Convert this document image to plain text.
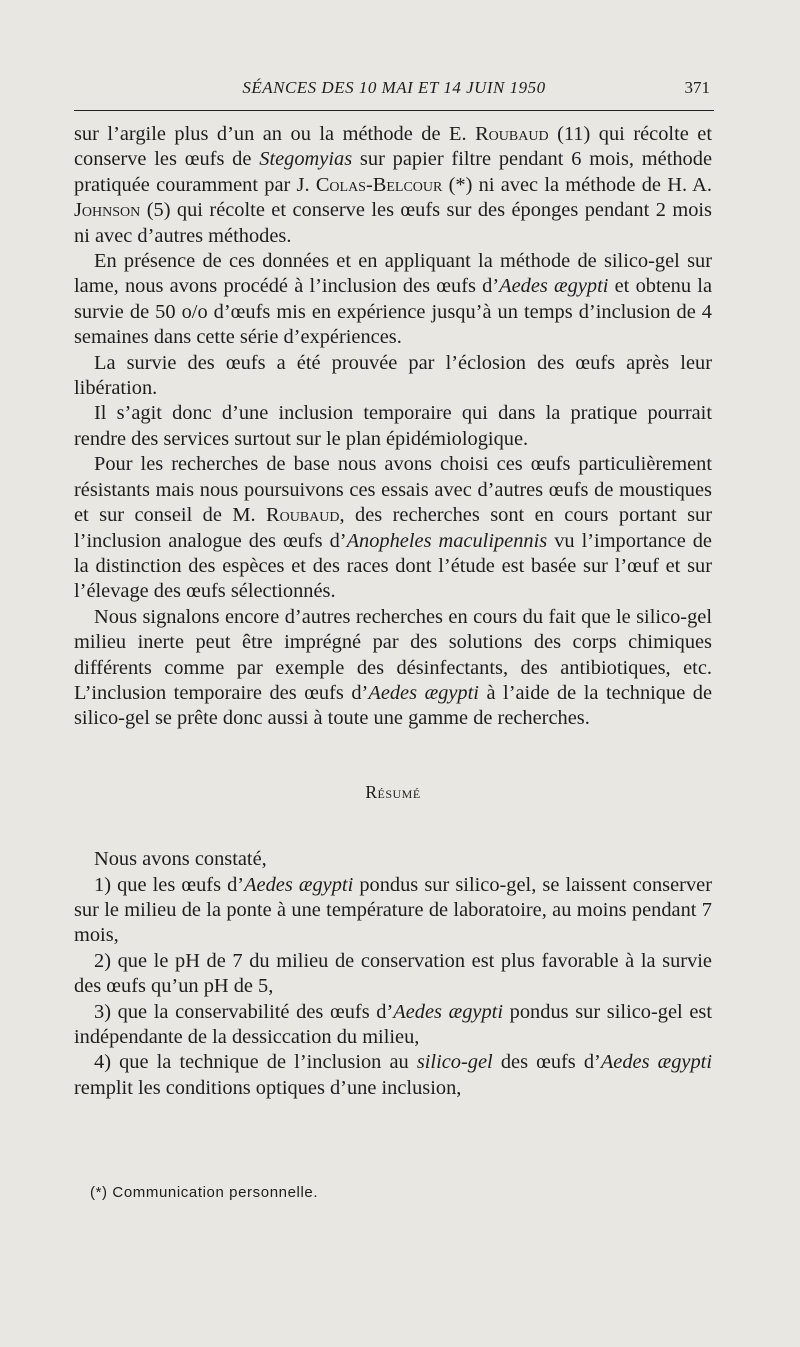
SÉANCES DES 10 MAI ET 14 JUIN 1950	371

sur l’argile plus d’un an ou la méthode de E. Roubaud (11) qui récolte et conserve les œufs de Stegomyias sur papier filtre pendant 6 mois, méthode pratiquée couramment par J. Colas-Belcour (*) ni avec la méthode de H. A. Johnson (5) qui récolte et conserve les œufs sur des éponges pendant 2 mois ni avec d’autres méthodes.

En présence de ces données et en appliquant la méthode de silico-gel sur lame, nous avons procédé à l’inclusion des œufs d’Aedes ægypti et obtenu la survie de 50 o/o d’œufs mis en expérience jusqu’à un temps d’inclusion de 4 semaines dans cette série d’expériences.

La survie des œufs a été prouvée par l’éclosion des œufs après leur libération.

Il s’agit donc d’une inclusion temporaire qui dans la pratique pourrait rendre des services surtout sur le plan épidémiologique.

Pour les recherches de base nous avons choisi ces œufs particulièrement résistants mais nous poursuivons ces essais avec d’autres œufs de moustiques et sur conseil de M. Roubaud, des recherches sont en cours portant sur l’inclusion analogue des œufs d’Anopheles maculipennis vu l’importance de la distinction des espèces et des races dont l’étude est basée sur l’œuf et sur l’élevage des œufs sélectionnés.

Nous signalons encore d’autres recherches en cours du fait que le silico-gel milieu inerte peut être imprégné par des solutions des corps chimiques différents comme par exemple des désinfectants, des antibiotiques, etc. L’inclusion temporaire des œufs d’Aedes ægypti à l’aide de la technique de silico-gel se prête donc aussi à toute une gamme de recherches.

Résumé

Nous avons constaté,

1) que les œufs d’Aedes ægypti pondus sur silico-gel, se laissent conserver sur le milieu de la ponte à une température de laboratoire, au moins pendant 7 mois,

2) que le pH de 7 du milieu de conservation est plus favorable à la survie des œufs qu’un pH de 5,

3) que la conservabilité des œufs d’Aedes ægypti pondus sur silico-gel est indépendante de la dessiccation du milieu,

4) que la technique de l’inclusion au silico-gel des œufs d’Aedes ægypti remplit les conditions optiques d’une inclusion,

(*) Communication personnelle.
